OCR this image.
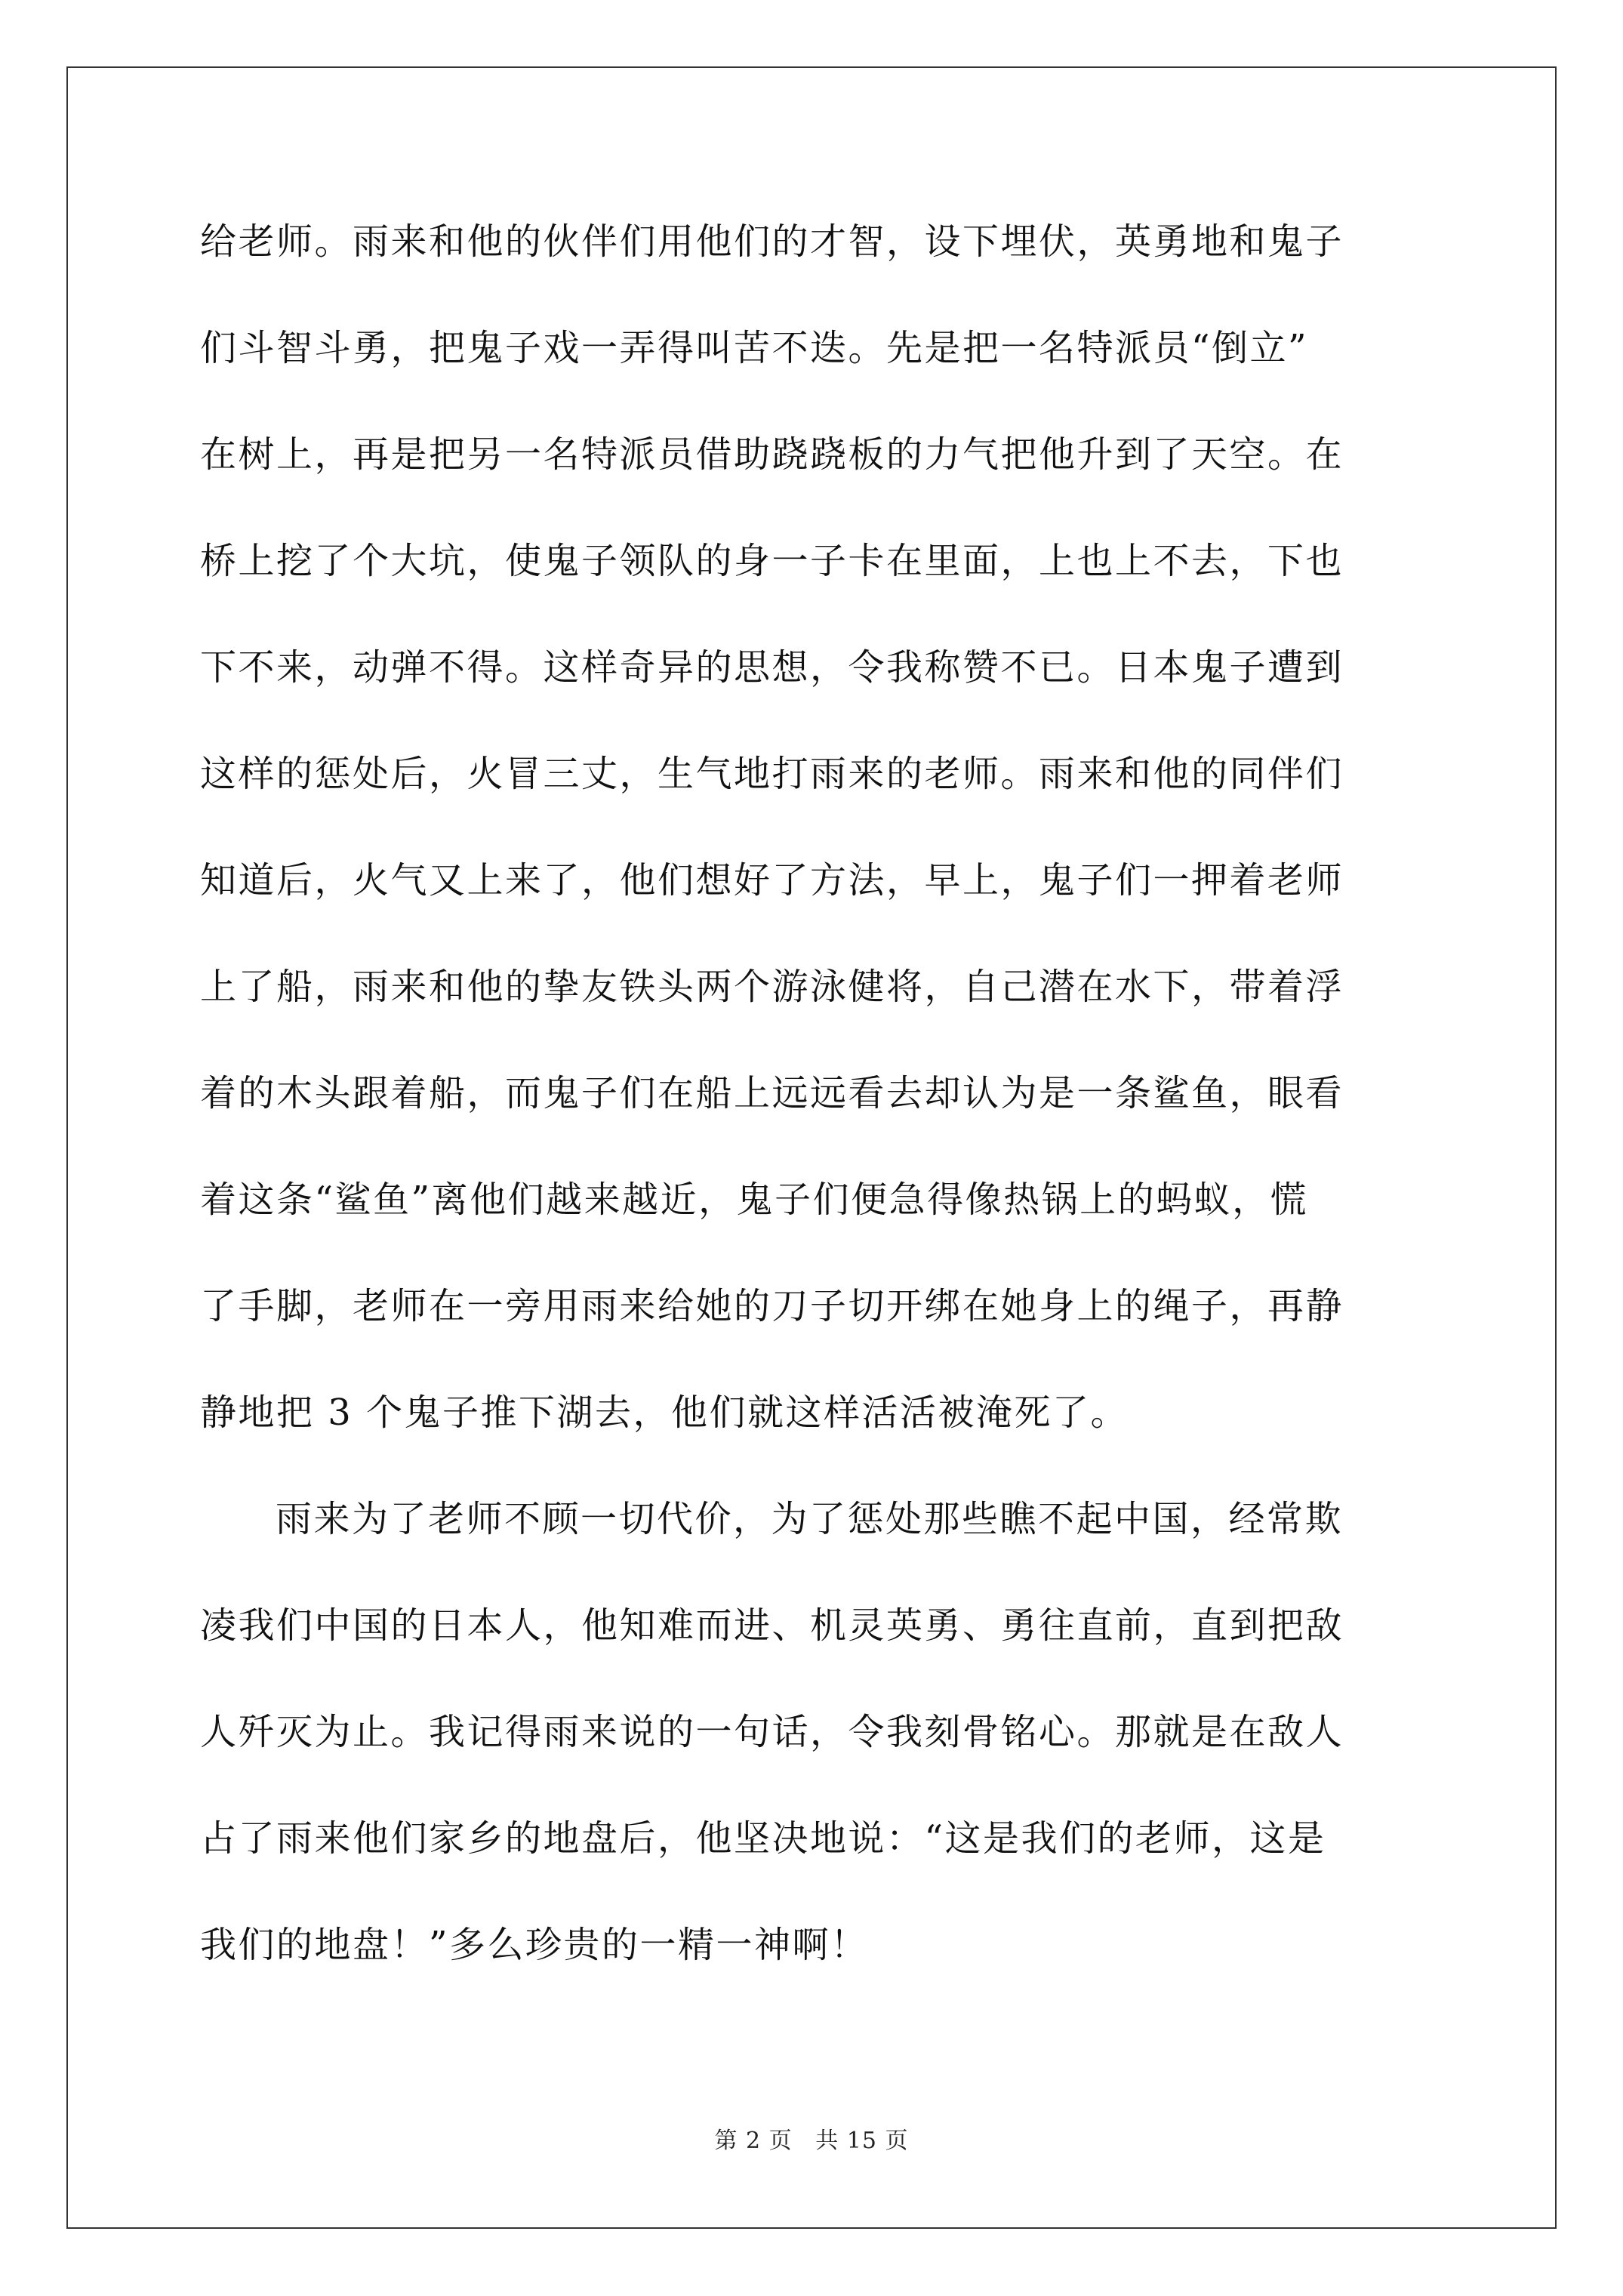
给老师。雨来和他的伙伴们用他们的才智，设下埋伏，英勇地和鬼子
们斗智斗勇，把鬼子戏一弄得叫苦不迭。先是把一名特派员“倒立”
在树上，再是把另一名特派员借助跷跷板的力气把他升到了天空。在
桥上挖了个大坑，使鬼子领队的身一子卡在里面，上也上不去，下也
下不来，动弹不得。这样奇异的思想，令我称赞不已。日本鬼子遭到
这样的惩处后，火冒三丈，生气地打雨来的老师。雨来和他的同伴们
知道后，火气又上来了，他们想好了方法，早上，鬼子们一押着老师
上了船，雨来和他的挚友铁头两个游泳健将，自己潜在水下，带着浮
着的木头跟着船，而鬼子们在船上远远看去却认为是一条鲨鱼，眼看
着这条“鲨鱼”离他们越来越近，鬼子们便急得像热锅上的蚂蚁，慌
了手脚，老师在一旁用雨来给她的刀子切开绑在她身上的绳子，再静
静地把 3 个鬼子推下湖去，他们就这样活活被淹死了。
雨来为了老师不顾一切代价，为了惩处那些瞧不起中国，经常欺
凌我们中国的日本人，他知难而进、机灵英勇、勇往直前，直到把敌
人歼灭为止。我记得雨来说的一句话，令我刻骨铭心。那就是在敌人
占了雨来他们家乡的地盘后，他坚决地说：“这是我们的老师，这是
我们的地盘！”多么珍贵的一精一神啊！
第 2 页 共 15 页
